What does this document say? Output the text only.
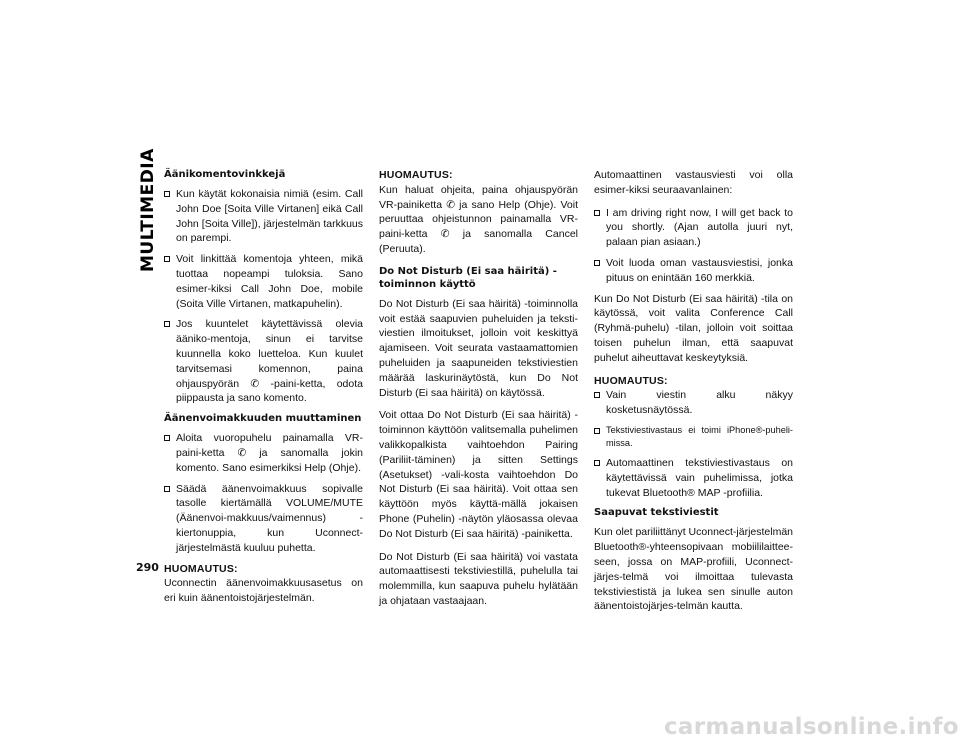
MULTIMEDIA
290
Äänikomentovinkkejä
Kun käytät kokonaisia nimiä (esim. Call John Doe [Soita Ville Virtanen] eikä Call John [Soita Ville]), järjestelmän tarkkuus on parempi.
Voit linkittää komentoja yhteen, mikä tuottaa nopeampi tuloksia. Sano esimer-kiksi Call John Doe, mobile (Soita Ville Virtanen, matkapuhelin).
Jos kuuntelet käytettävissä olevia ääniko-mentoja, sinun ei tarvitse kuunnella koko luetteloa. Kun kuulet tarvitsemasi komennon, paina ohjauspyörän ✆ -paini-ketta, odota piippausta ja sano komento.
Äänenvoimakkuuden muuttaminen
Aloita vuoropuhelu painamalla VR-paini-ketta ✆ ja sanomalla jokin komento. Sano esimerkiksi Help (Ohje).
Säädä äänenvoimakkuus sopivalle tasolle kiertämällä VOLUME/MUTE (Äänenvoi-makkuus/vaimennus) -kiertonuppia, kun Uconnect-järjestelmästä kuuluu puhetta.
HUOMAUTUS:

Uconnectin äänenvoimakkuusasetus on eri kuin äänentoistojärjestelmän.

HUOMAUTUS:

Kun haluat ohjeita, paina ohjauspyörän VR-painiketta ✆ ja sano Help (Ohje). Voit peruuttaa ohjeistunnon painamalla VR-paini-ketta ✆ ja sanomalla Cancel (Peruuta).

Do Not Disturb (Ei saa häiritä) -toiminnon käyttö

Do Not Disturb (Ei saa häiritä) -toiminnolla voit estää saapuvien puheluiden ja teksti-viestien ilmoitukset, jolloin voit keskittyä ajamiseen. Voit seurata vastaamattomien puheluiden ja saapuneiden tekstiviestien määrää laskurinäytöstä, kun Do Not Disturb (Ei saa häiritä) on käytössä.

Voit ottaa Do Not Disturb (Ei saa häiritä) -toiminnon käyttöön valitsemalla puhelimen valikkopalkista vaihtoehdon Pairing (Pariliit-täminen) ja sitten Settings (Asetukset) -vali-kosta vaihtoehdon Do Not Disturb (Ei saa häiritä). Voit ottaa sen käyttöön myös käyttä-mällä jokaisen Phone (Puhelin) -näytön yläosassa olevaa Do Not Disturb (Ei saa häiritä) -painiketta.

Do Not Disturb (Ei saa häiritä) voi vastata automaattisesti tekstiviestillä, puhelulla tai molemmilla, kun saapuva puhelu hylätään ja ohjataan vastaajaan.

Automaattinen vastausviesti voi olla esimer-kiksi seuraavanlainen:

I am driving right now, I will get back to you shortly. (Ajan autolla juuri nyt, palaan pian asiaan.)
Voit luoda oman vastausviestisi, jonka pituus on enintään 160 merkkiä.

Kun Do Not Disturb (Ei saa häiritä) -tila on käytössä, voit valita Conference Call (Ryhmä-puhelu) -tilan, jolloin voit soittaa toisen puhelun ilman, että saapuvat puhelut aiheuttavat keskeytyksiä.

HUOMAUTUS:
Vain viestin alku näkyy kosketusnäytössä.
Tekstiviestivastaus ei toimi iPhone®-puheli-missa.
Automaattinen tekstiviestivastaus on käytettävissä vain puhelimissa, jotka tukevat Bluetooth® MAP -profiilia.
Saapuvat tekstiviestit

Kun olet pariliittänyt Uconnect-järjestelmän Bluetooth®-yhteensopivaan mobiililaittee-seen, jossa on MAP-profiili, Uconnect-järjes-telmä voi ilmoittaa tulevasta tekstiviestistä ja lukea sen sinulle auton äänentoistojärjes-telmän kautta.

carmanualsonline.info
